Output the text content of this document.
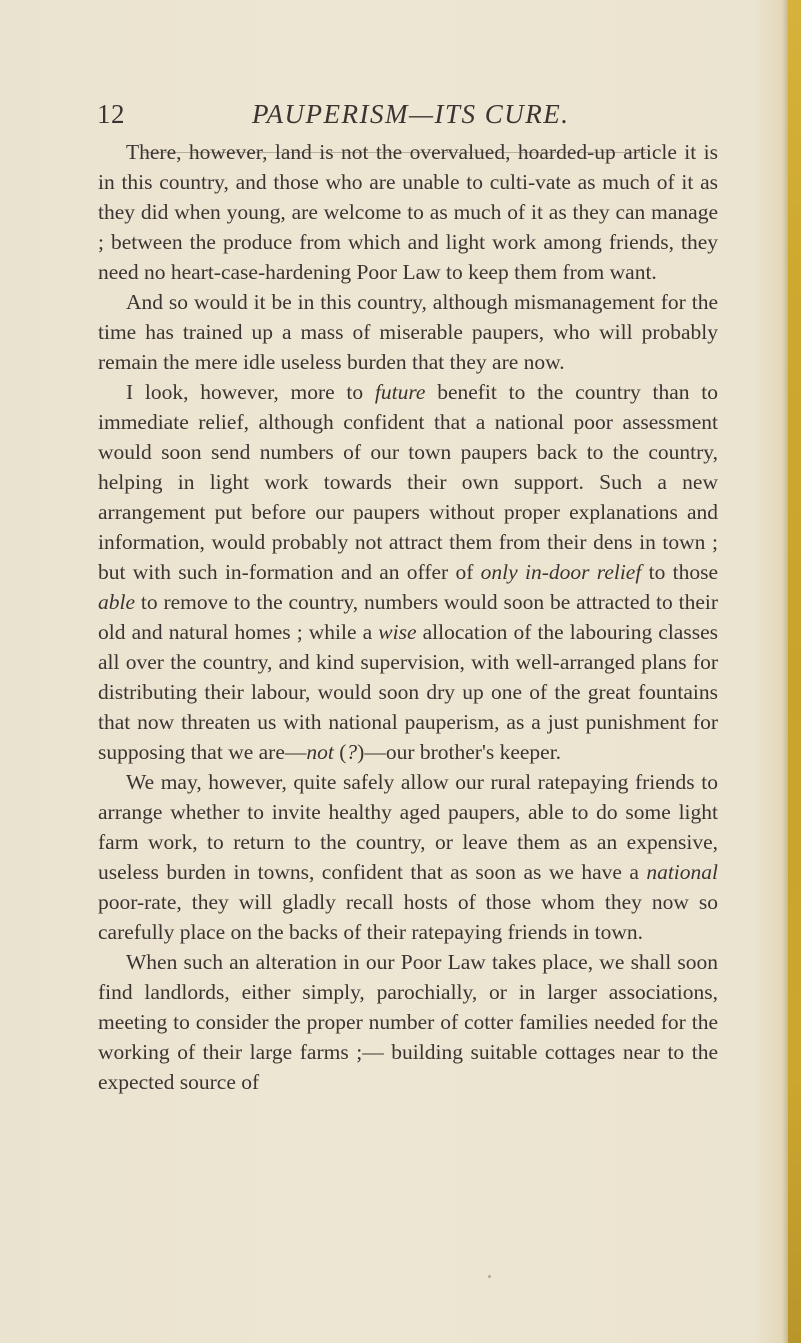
12	PAUPERISM—ITS CURE.

There, however, land is not the overvalued, hoarded-up article it is in this country, and those who are unable to culti-vate as much of it as they did when young, are welcome to as much of it as they can manage ; between the produce from which and light work among friends, they need no heart-case-hardening Poor Law to keep them from want.

And so would it be in this country, although mismanagement for the time has trained up a mass of miserable paupers, who will probably remain the mere idle useless burden that they are now.

I look, however, more to future benefit to the country than to immediate relief, although confident that a national poor assessment would soon send numbers of our town paupers back to the country, helping in light work towards their own support. Such a new arrangement put before our paupers without proper explanations and information, would probably not attract them from their dens in town ; but with such in-formation and an offer of only in-door relief to those able to remove to the country, numbers would soon be attracted to their old and natural homes ; while a wise allocation of the labouring classes all over the country, and kind supervision, with well-arranged plans for distributing their labour, would soon dry up one of the great fountains that now threaten us with national pauperism, as a just punishment for supposing that we are—not (?)—our brother's keeper.

We may, however, quite safely allow our rural ratepaying friends to arrange whether to invite healthy aged paupers, able to do some light farm work, to return to the country, or leave them as an expensive, useless burden in towns, confident that as soon as we have a national poor-rate, they will gladly recall hosts of those whom they now so carefully place on the backs of their ratepaying friends in town.

When such an alteration in our Poor Law takes place, we shall soon find landlords, either simply, parochially, or in larger associations, meeting to consider the proper number of cotter families needed for the working of their large farms ;— building suitable cottages near to the expected source of
